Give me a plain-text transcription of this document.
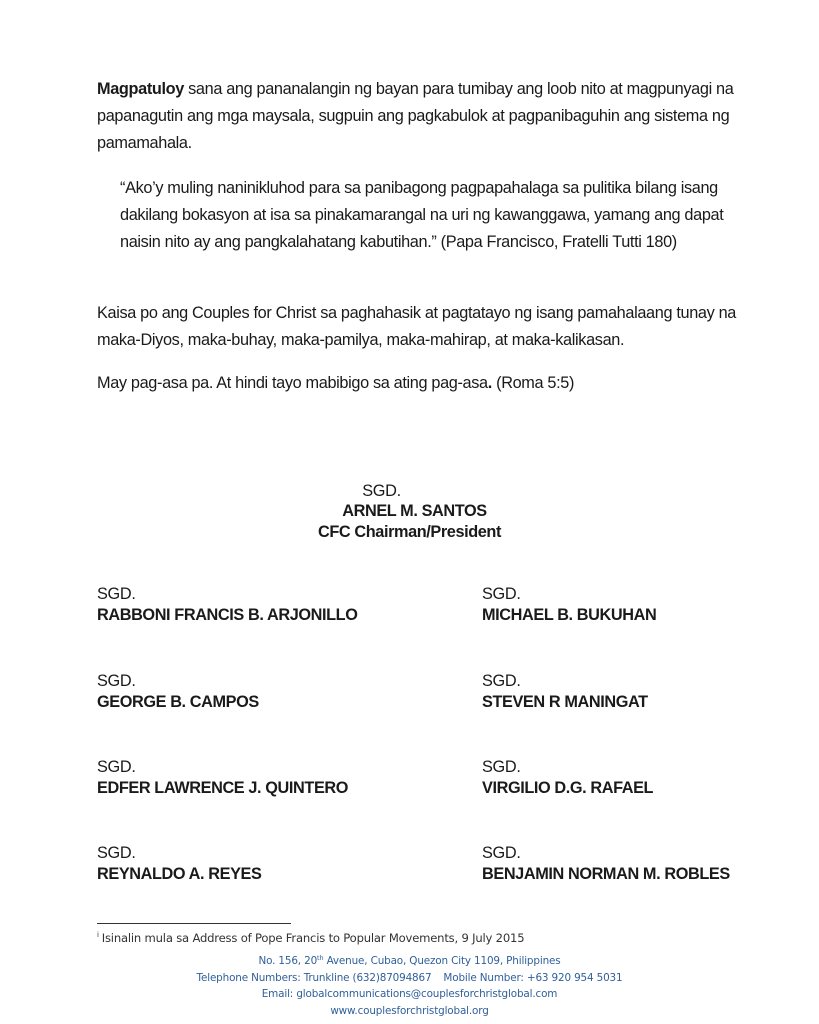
Magpatuloy sana ang pananalangin ng bayan para tumibay ang loob nito at magpunyagi na papanagutin ang mga maysala, sugpuin ang pagkabulok at pagpanibaguhin ang sistema ng pamamahala.

“Ako’y muling naninikluhod para sa panibagong pagpapahalaga sa pulitika bilang isang dakilang bokasyon at isa sa pinakamarangal na uri ng kawanggawa, yamang ang dapat naisin nito ay ang pangkalahatang kabutihan.” (Papa Francisco, Fratelli Tutti 180)

Kaisa po ang Couples for Christ sa paghahasik at pagtatayo ng isang pamahalaang tunay na maka-Diyos, maka-buhay, maka-pamilya, maka-mahirap, at maka-kalikasan.

May pag-asa pa. At hindi tayo mabibigo sa ating pag-asa. (Roma 5:5)

SGD.
ARNEL M. SANTOS
CFC Chairman/President
SGD.
RABBONI FRANCIS B. ARJONILLO
SGD.
MICHAEL B. BUKUHAN
SGD.
GEORGE B. CAMPOS
SGD.
STEVEN R MANINGAT
SGD.
EDFER LAWRENCE J. QUINTERO
SGD.
VIRGILIO D.G. RAFAEL
SGD.
REYNALDO A. REYES
SGD.
BENJAMIN NORMAN M. ROBLES
$^i$ Isinalin mula sa Address of Pope Francis to Popular Movements, 9 July 2015
No. 156, 20th Avenue, Cubao, Quezon City 1109, Philippines
Telephone Numbers: Trunkline (632)87094867 Mobile Number: +63 920 954 5031
Email: globalcommunications@couplesforchristglobal.com
www.couplesforchristglobal.org
